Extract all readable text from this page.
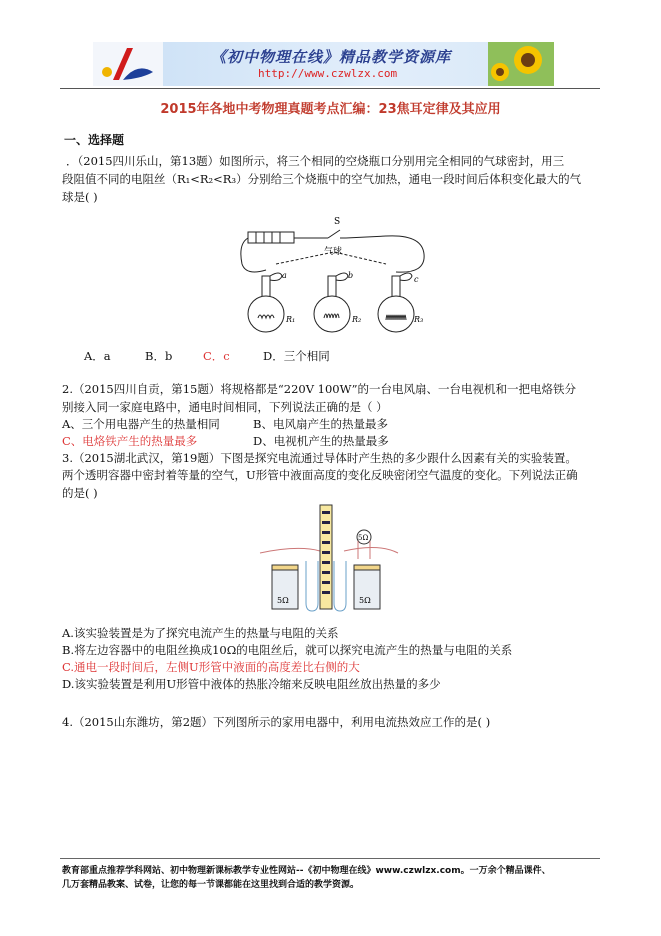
《初中物理在线》精品教学资源库
http://www.czwlzx.com
2015年各地中考物理真题考点汇编：23焦耳定律及其应用
一、选择题
．（2015四川乐山，第13题）如图所示，将三个相同的空烧瓶口分别用完全相同的气球密封，用三
段阻值不同的电阻丝（R₁<R₂<R₃）分别给三个烧瓶中的空气加热，通电一段时间后体积变化最大的气
球是( )
S
气球
a	b	c
R₁	R₂	R₃
A．a	B．b	C．c	D．三个相同
2.（2015四川自贡，第15题）将规格都是“220V 100W”的一台电风扇、一台电视机和一把电烙铁分
别接入同一家庭电路中，通电时间相同，下列说法正确的是（ ）
A、三个用电器产生的热量相同	B、电风扇产生的热量最多
C、电烙铁产生的热量最多	D、电视机产生的热量最多
3.（2015湖北武汉，第19题）下图是探究电流通过导体时产生热的多少跟什么因素有关的实验装置。
两个透明容器中密封着等量的空气，U形管中液面高度的变化反映密闭空气温度的变化。下列说法正确
的是( )
5Ω	5Ω
5Ω
A.该实验装置是为了探究电流产生的热量与电阻的关系
B.将左边容器中的电阻丝换成10Ω的电阻丝后，就可以探究电流产生的热量与电阻的关系
C.通电一段时间后，左侧U形管中液面的高度差比右侧的大
D.该实验装置是利用U形管中液体的热胀冷缩来反映电阻丝放出热量的多少
4.（2015山东潍坊，第2题）下列图所示的家用电器中，利用电流热效应工作的是( )
教育部重点推荐学科网站、初中物理新课标教学专业性网站--《初中物理在线》www.czwlzx.com。一万余个精品课件、
几万套精品教案、试卷，让您的每一节课都能在这里找到合适的教学资源。
